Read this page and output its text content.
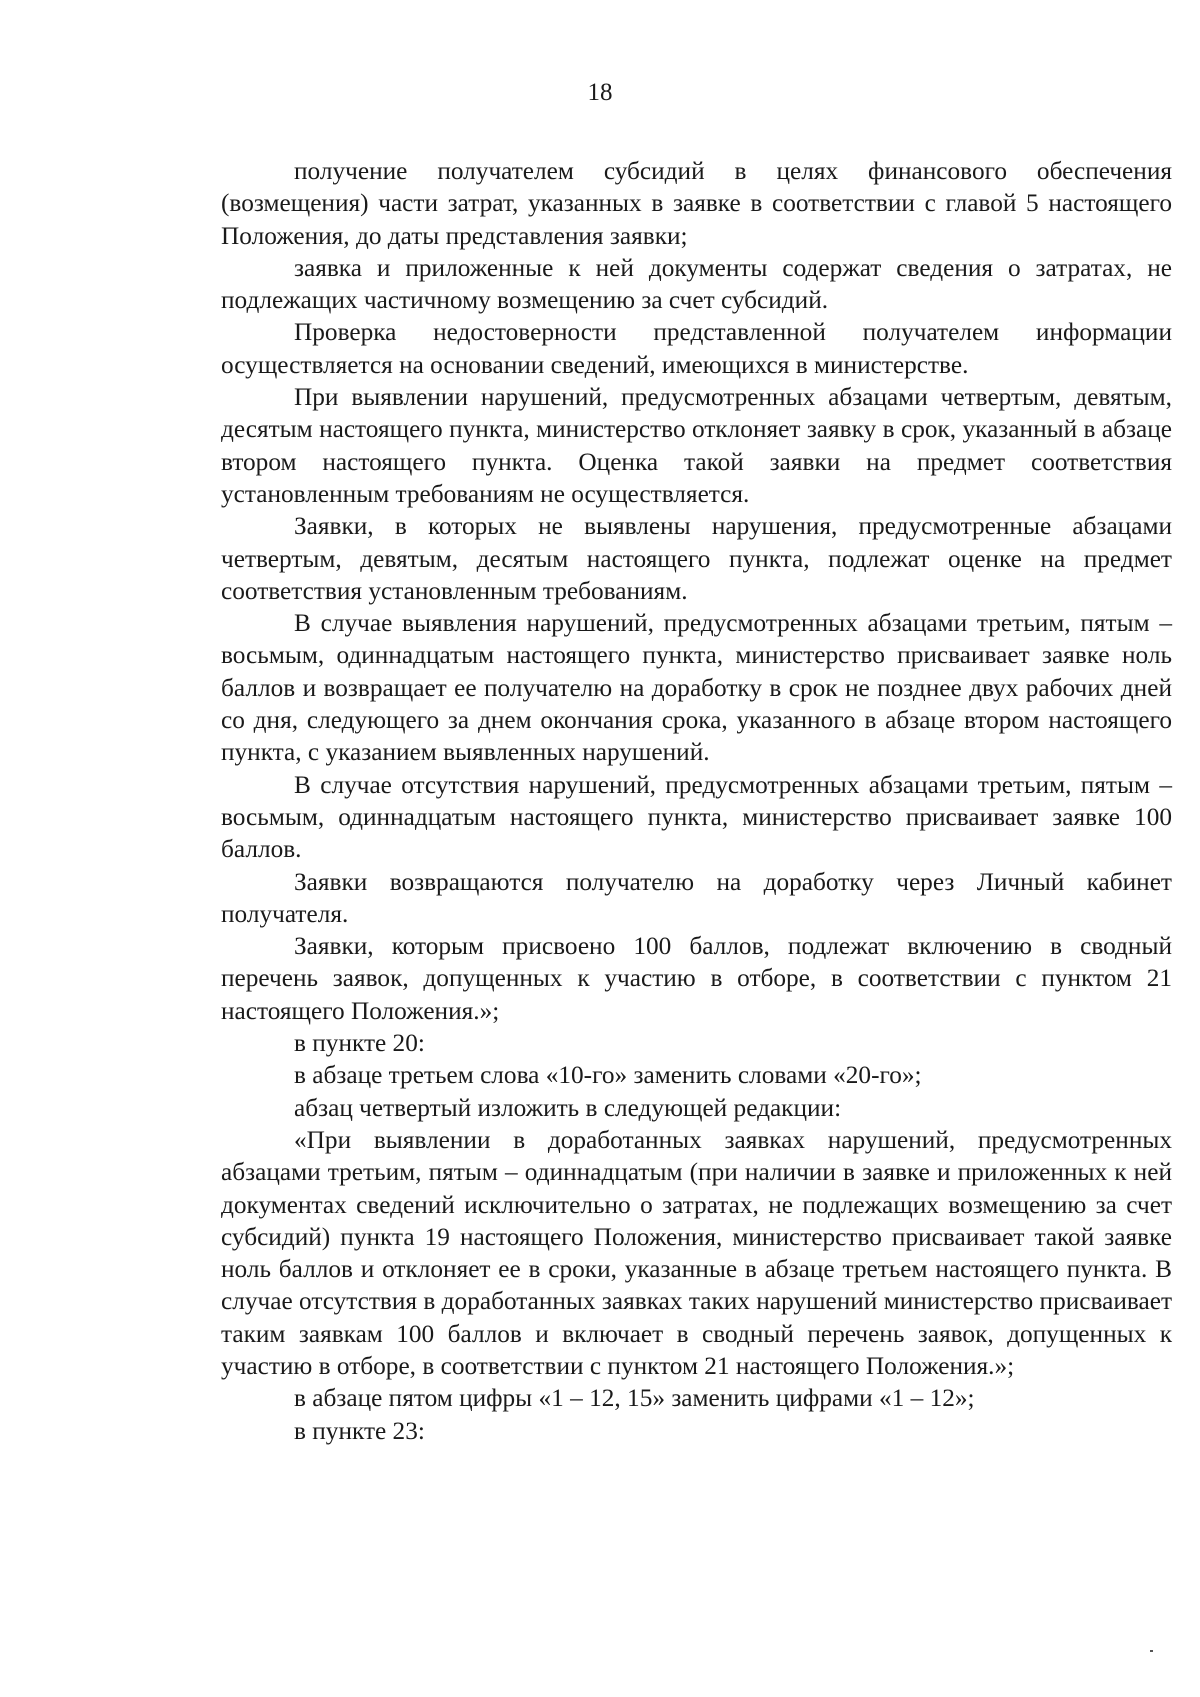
18

получение получателем субсидий в целях финансового обеспечения (возмещения) части затрат, указанных в заявке в соответствии с главой 5 настоящего Положения, до даты представления заявки;

заявка и приложенные к ней документы содержат сведения о затратах, не подлежащих частичному возмещению за счет субсидий.

Проверка недостоверности представленной получателем информации осуществляется на основании сведений, имеющихся в министерстве.

При выявлении нарушений, предусмотренных абзацами четвертым, девятым, десятым настоящего пункта, министерство отклоняет заявку в срок, указанный в абзаце втором настоящего пункта. Оценка такой заявки на предмет соответствия установленным требованиям не осуществляется.

Заявки, в которых не выявлены нарушения, предусмотренные абзацами четвертым, девятым, десятым настоящего пункта, подлежат оценке на предмет соответствия установленным требованиям.

В случае выявления нарушений, предусмотренных абзацами третьим, пятым – восьмым, одиннадцатым настоящего пункта, министерство присваивает заявке ноль баллов и возвращает ее получателю на доработку в срок не позднее двух рабочих дней со дня, следующего за днем окончания срока, указанного в абзаце втором настоящего пункта, с указанием выявленных нарушений.

В случае отсутствия нарушений, предусмотренных абзацами третьим, пятым – восьмым, одиннадцатым настоящего пункта, министерство присваивает заявке 100 баллов.

Заявки возвращаются получателю на доработку через Личный кабинет получателя.

Заявки, которым присвоено 100 баллов, подлежат включению в сводный перечень заявок, допущенных к участию в отборе, в соответствии с пунктом 21 настоящего Положения.»;

в пункте 20:

в абзаце третьем слова «10-го» заменить словами «20-го»;

абзац четвертый изложить в следующей редакции:

«При выявлении в доработанных заявках нарушений, предусмотренных абзацами третьим, пятым – одиннадцатым (при наличии в заявке и приложенных к ней документах сведений исключительно о затратах, не подлежащих возмещению за счет субсидий) пункта 19 настоящего Положения, министерство присваивает такой заявке ноль баллов и отклоняет ее в сроки, указанные в абзаце третьем настоящего пункта. В случае отсутствия в доработанных заявках таких нарушений министерство присваивает таким заявкам 100 баллов и включает в сводный перечень заявок, допущенных к участию в отборе, в соответствии с пунктом 21 настоящего Положения.»;

в абзаце пятом цифры «1 – 12, 15» заменить цифрами «1 – 12»;

в пункте 23:
